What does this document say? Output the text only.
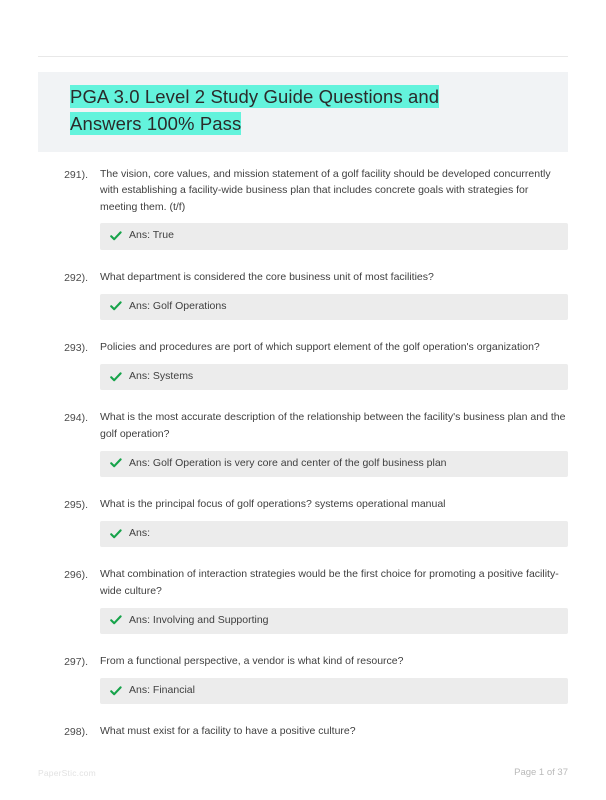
PGA 3.0 Level 2 Study Guide Questions and
Answers 100% Pass
291).	The vision, core values, and mission statement of a golf facility should be developed concurrently with establishing a facility-wide business plan that includes concrete goals with strategies for meeting them. (t/f)

Ans: True
292).	What department is considered the core business unit of most facilities?

Ans: Golf Operations
293).	Policies and procedures are port of which support element of the golf operation's organization?

Ans: Systems
294).	What is the most accurate description of the relationship between the facility's business plan and the golf operation?

Ans: Golf Operation is very core and center of the golf business plan
295).	What is the principal focus of golf operations? systems operational manual

Ans:
296).	What combination of interaction strategies would be the first choice for promoting a positive facility-wide culture?

Ans: Involving and Supporting
297).	From a functional perspective, a vendor is what kind of resource?

Ans: Financial
298).	What must exist for a facility to have a positive culture?

PaperStic.com	Page 1 of 37
